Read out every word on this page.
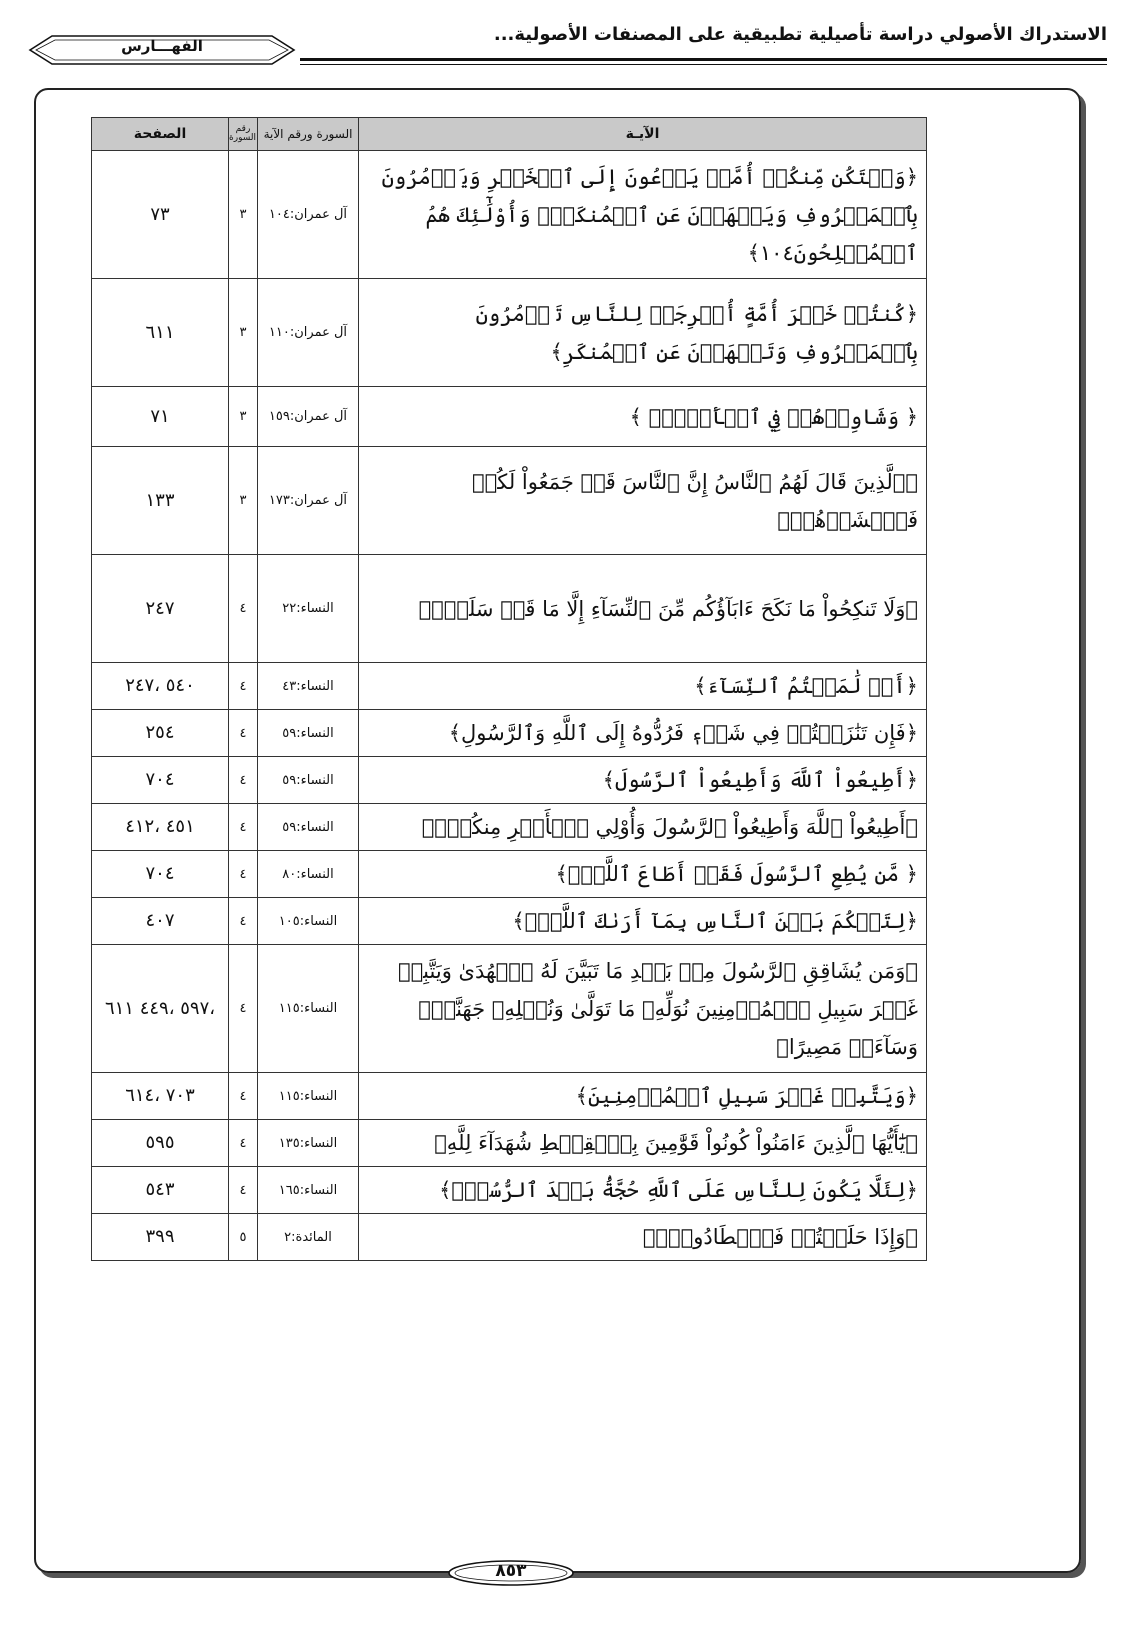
الاستدراك الأصولي دراسة تأصيلية تطبيقية على المصنفات الأصولية...
الفهـــارس
الآيـة	السورة ورقم الآية	رقم السورة	الصفحة
﴿وَلۡتَكُن مِّنكُمۡ أُمَّةٞ يَدۡعُونَ إِلَى ٱلۡخَيۡرِ وَيَأۡمُرُونَ بِٱلۡمَعۡرُوفِ وَيَنۡهَوۡنَ عَنِ ٱلۡمُنكَرِۚ وَأُوْلَٰٓئِكَ هُمُ ٱلۡمُفۡلِحُونَ١٠٤﴾	آل عمران:١٠٤	٣	٧٣
﴿كُنتُمۡ خَيۡرَ أُمَّةٍ أُخۡرِجَتۡ لِلنَّاسِ تَأۡمُرُونَ بِٱلۡمَعۡرُوفِ وَتَنۡهَوۡنَ عَنِ ٱلۡمُنكَرِ﴾	آل عمران:١١٠	٣	٦١١
﴿ وَشَاوِرۡهُمۡ فِي ٱلۡأَمۡرِۖ ﴾	آل عمران:١٥٩	٣	٧١
﴿ٱلَّذِينَ قَالَ لَهُمُ ٱلنَّاسُ إِنَّ ٱلنَّاسَ قَدۡ جَمَعُواْ لَكُمۡ فَٱخۡشَوۡهُمۡ﴾	آل عمران:١٧٣	٣	١٣٣
﴿وَلَا تَنكِحُواْ مَا نَكَحَ ءَابَآؤُكُم مِّنَ ٱلنِّسَآءِ إِلَّا مَا قَدۡ سَلَفَۚ﴾	النساء:٢٢	٤	٢٤٧
﴿أَوۡ لَٰمَسۡتُمُ ٱلنِّسَآءَ﴾	النساء:٤٣	٤	٥٤٠ ،٢٤٧
﴿فَإِن تَنَٰزَعۡتُمۡ فِي شَيۡءٖ فَرُدُّوهُ إِلَى ٱللَّهِ وَٱلرَّسُولِ﴾	النساء:٥٩	٤	٢٥٤
﴿أَطِيعُواْ ٱللَّهَ وَأَطِيعُواْ ٱلرَّسُولَ﴾	النساء:٥٩	٤	٧٠٤
﴿أَطِيعُواْ ٱللَّهَ وَأَطِيعُواْ ٱلرَّسُولَ وَأُوْلِي ٱلۡأَمۡرِ مِنكُمۡۖ﴾	النساء:٥٩	٤	٤٥١ ،٤١٢
﴿ مَّن يُطِعِ ٱلرَّسُولَ فَقَدۡ أَطَاعَ ٱللَّهَۖ﴾	النساء:٨٠	٤	٧٠٤
﴿لِتَحۡكُمَ بَيۡنَ ٱلنَّاسِ بِمَآ أَرَىٰكَ ٱللَّهُۚ﴾	النساء:١٠٥	٤	٤٠٧
﴿وَمَن يُشَاقِقِ ٱلرَّسُولَ مِنۢ بَعۡدِ مَا تَبَيَّنَ لَهُ ٱلۡهُدَىٰ وَيَتَّبِعۡ غَيۡرَ سَبِيلِ ٱلۡمُؤۡمِنِينَ نُوَلِّهِۦ مَا تَوَلَّىٰ وَنُصۡلِهِۦ جَهَنَّمَۖ وَسَآءَتۡ مَصِيرًا﴾	النساء:١١٥	٤	،٥٩٧ ،٤٤٩ ٦١١
﴿وَيَتَّبِعۡ غَيۡرَ سَبِيلِ ٱلۡمُؤۡمِنِينَ﴾	النساء:١١٥	٤	٧٠٣ ،٦١٤
﴿يَٰٓأَيُّهَا ٱلَّذِينَ ءَامَنُواْ كُونُواْ قَوَّٰمِينَ بِٱلۡقِسۡطِ شُهَدَآءَ لِلَّهِ﴾	النساء:١٣٥	٤	٥٩٥
﴿لِئَلَّا يَكُونَ لِلنَّاسِ عَلَى ٱللَّهِ حُجَّةُۢ بَعۡدَ ٱلرُّسُلِۚ﴾	النساء:١٦٥	٤	٥٤٣
﴿وَإِذَا حَلَلۡتُمۡ فَٱصۡطَادُواْۚ﴾	المائدة:٢	٥	٣٩٩
٨٥٣
